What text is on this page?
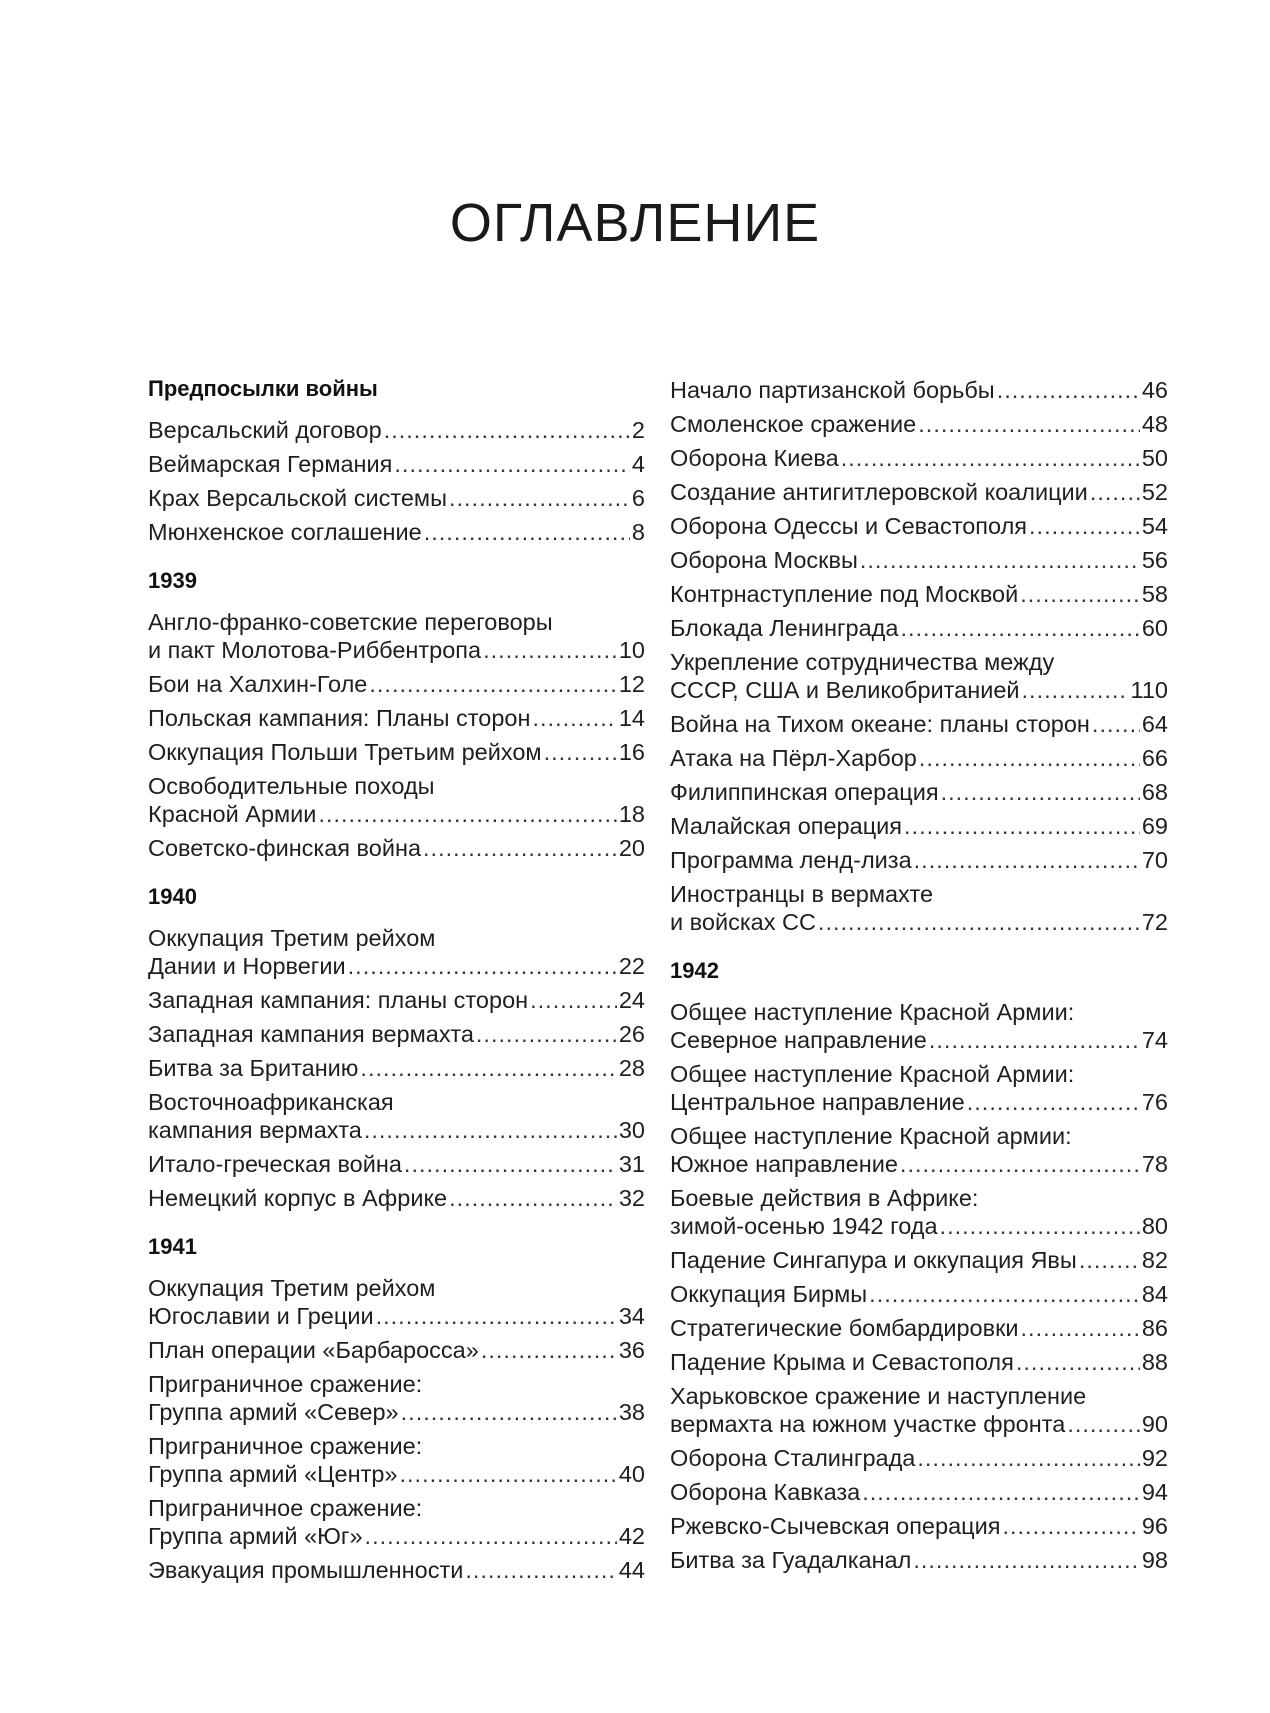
ОГЛАВЛЕНИЕ
Предпосылки войны
Версальский договор .....	2
Веймарская Германия .....	4
Крах Версальской системы .....	6
Мюнхенское соглашение .....	8
1939
Англо-франко-советские переговоры
и пакт Молотова-Риббентропа .....	10
Бои на Халхин-Голе .....	12
Польская кампания: Планы сторон .....	14
Оккупация Польши Третьим рейхом .....	16
Освободительные походы
Красной Армии .....	18
Советско-финская война .....	20
1940
Оккупация Третим рейхом
Дании и Норвегии .....	22
Западная кампания: планы сторон .....	24
Западная кампания вермахта .....	26
Битва за Британию .....	28
Восточноафриканская
кампания вермахта .....	30
Итало-греческая война .....	31
Немецкий корпус в Африке .....	32
1941
Оккупация Третим рейхом
Югославии и Греции .....	34
План операции «Барбаросса» .....	36
Приграничное сражение:
Группа армий «Север» .....	38
Приграничное сражение:
Группа армий «Центр» .....	40
Приграничное сражение:
Группа армий «Юг» .....	42
Эвакуация промышленности .....	44
Начало партизанской борьбы .....	46
Смоленское сражение .....	48
Оборона Киева .....	50
Создание антигитлеровской коалиции ..... 52
Оборона Одессы и Севастополя .....	54
Оборона Москвы .....	56
Контрнаступление под Москвой .....	58
Блокада Ленинграда .....	60
Укрепление сотрудничества между
СССР, США и Великобританией .....	110
Война на Тихом океане: планы сторон ..... 64
Атака на Пёрл-Харбор .....	66
Филиппинская операция .....	68
Малайская операция .....	69
Программа ленд-лиза .....	70
Иностранцы в вермахте
и войсках СС .....	72
1942
Общее наступление Красной Армии:
Северное направление .....	74
Общее наступление Красной Армии:
Центральное направление .....	76
Общее наступление Красной армии:
Южное направление .....	78
Боевые действия в Африке:
зимой-осенью 1942 года .....	80
Падение Сингапура и оккупация Явы .....	82
Оккупация Бирмы .....	84
Стратегические бомбардировки .....	86
Падение Крыма и Севастополя .....	88
Харьковское сражение и наступление
вермахта на южном участке фронта .....	90
Оборона Сталинграда .....	92
Оборона Кавказа .....	94
Ржевско-Сычевская операция .....	96
Битва за Гуадалканал .....	98
